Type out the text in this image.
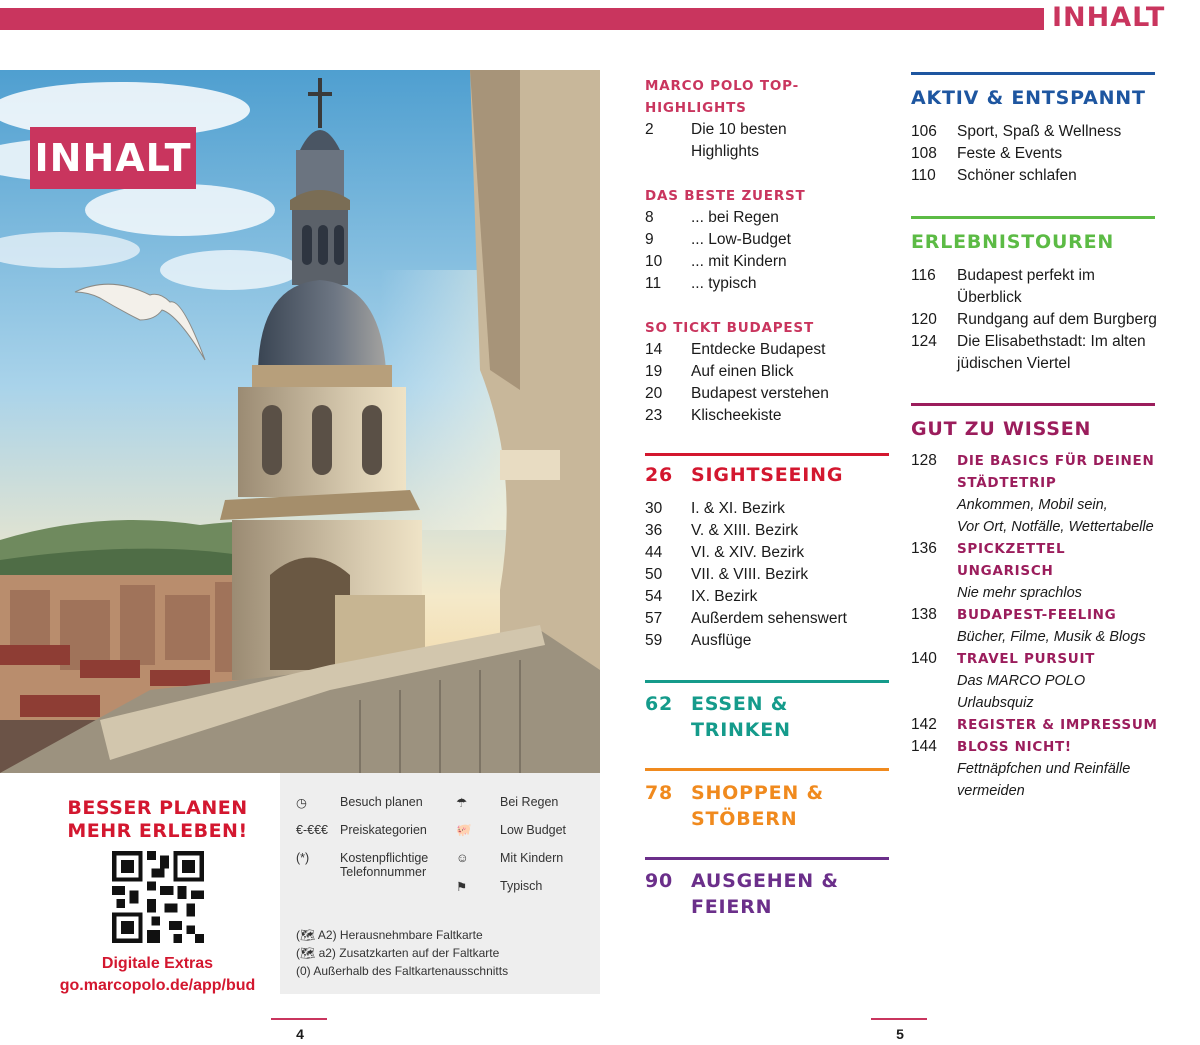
INHALT
INHALT
BESSER PLANEN
MEHR ERLEBEN!
Digitale Extras
go.marcopolo.de/app/bud
◷	Besuch planen	☂	Bei Regen
€-€€€ Preiskategorien 🐖	Low Budget
(*)	Kostenpflichtige Telefonnummer
☺	Mit Kindern
⚑	Typisch
(🗺 A2) Herausnehmbare Faltkarte
(🗺 a2) Zusatzkarten auf der Faltkarte
(0) Außerhalb des Faltkartenausschnitts
4	5
MARCO POLO TOP-HIGHLIGHTS
2	Die 10 besten
Highlights
DAS BESTE ZUERST
8	... bei Regen
9	... Low-Budget
10	... mit Kindern
11	... typisch
SO TICKT BUDAPEST
14	Entdecke Budapest
19	Auf einen Blick
20	Budapest verstehen
23	Klischeekiste
26 SIGHTSEEING
30	I. & XI. Bezirk
36	V. & XIII. Bezirk
44	VI. & XIV. Bezirk
50	VII. & VIII. Bezirk
54	IX. Bezirk
57	Außerdem sehenswert
59	Ausflüge
62 ESSEN & TRINKEN
78 SHOPPEN & STÖBERN
90 AUSGEHEN & FEIERN
AKTIV & ENTSPANNT
106	Sport, Spaß & Wellness
108	Feste & Events
110	Schöner schlafen
ERLEBNISTOUREN
116	Budapest perfekt im
Überblick
120	Rundgang auf dem Burgberg
124	Die Elisabethstadt: Im alten
jüdischen Viertel
GUT ZU WISSEN
128	DIE BASICS FÜR DEINEN
STÄDTETRIP
Ankommen, Mobil sein,
Vor Ort, Notfälle, Wettertabelle
136	SPICKZETTEL UNGARISCH
Nie mehr sprachlos
138	BUDAPEST-FEELING
Bücher, Filme, Musik & Blogs
140	TRAVEL PURSUIT
Das MARCO POLO Urlaubsquiz
142	REGISTER & IMPRESSUM
144	BLOSS NICHT!
Fettnäpfchen und Reinfälle
vermeiden
